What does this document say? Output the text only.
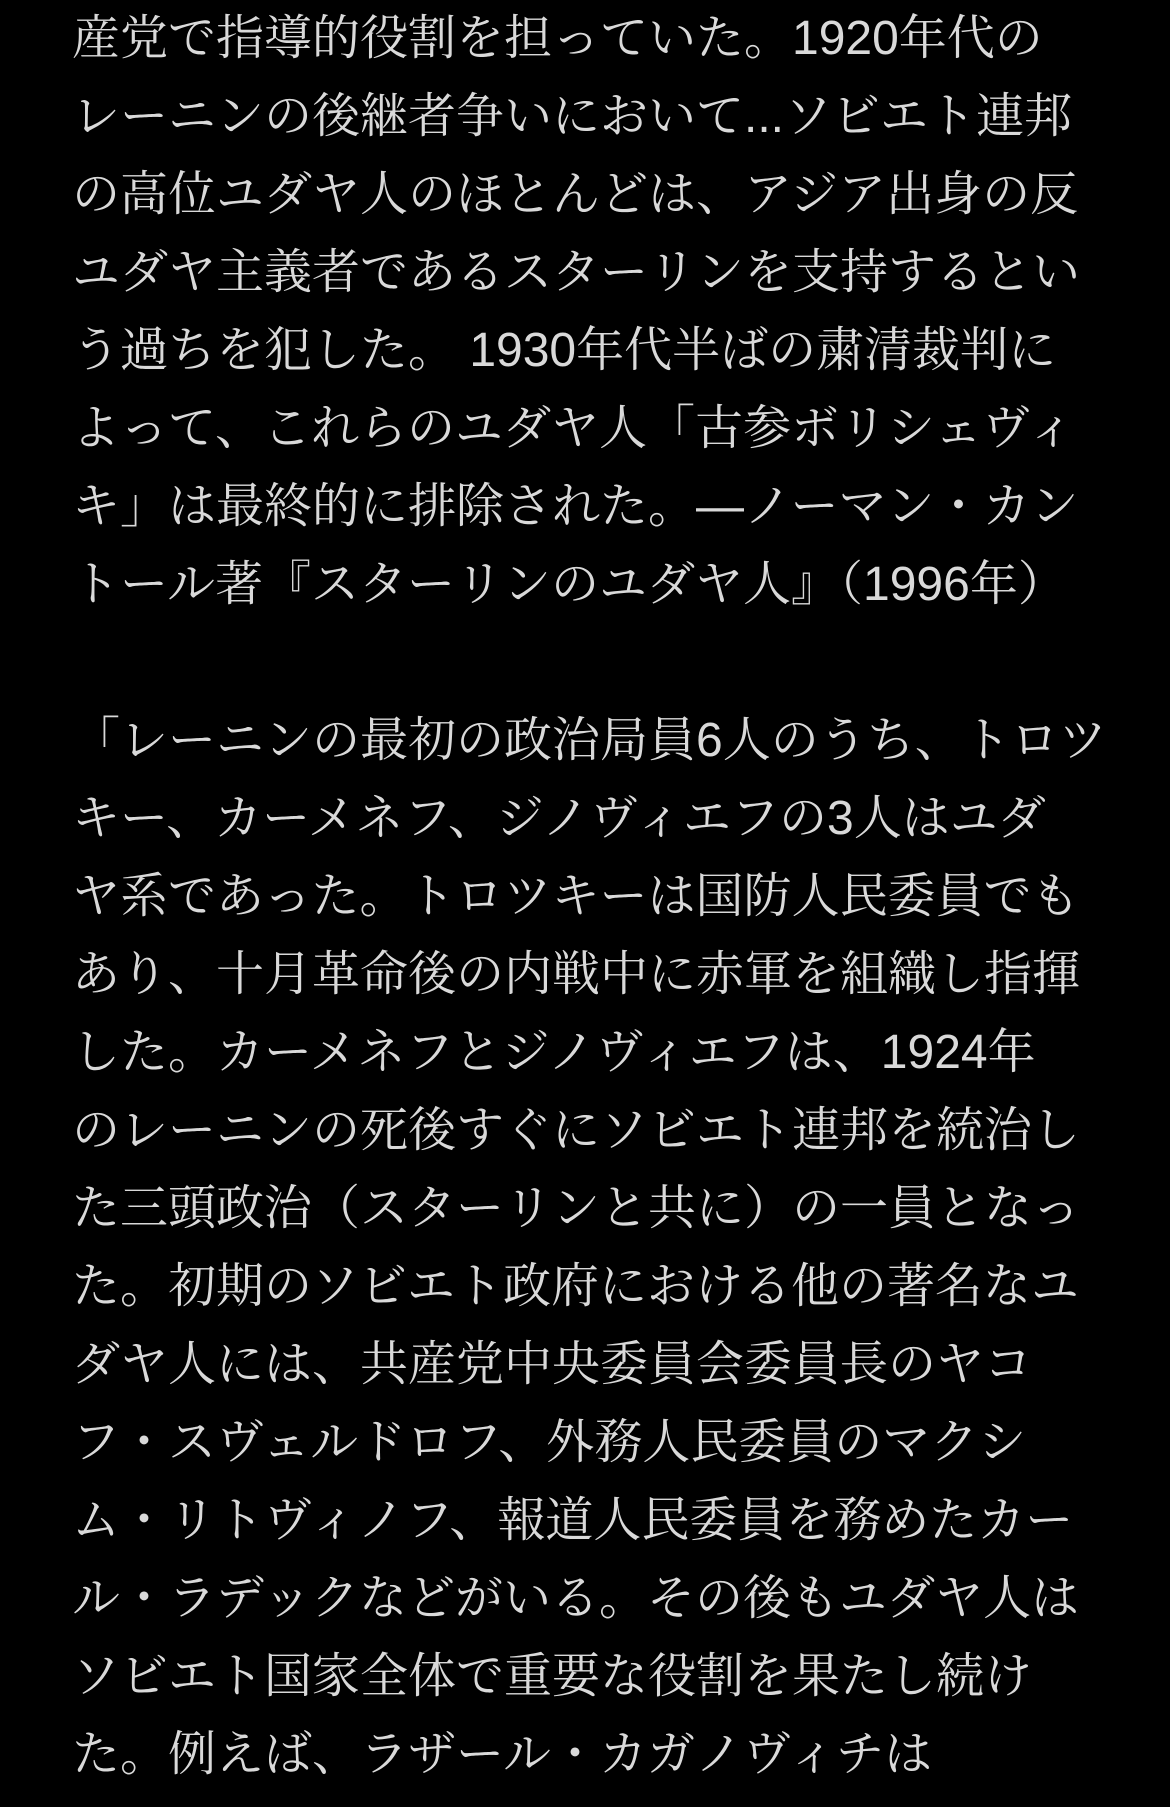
産党で指導的役割を担っていた。1920年代の
レーニンの後継者争いにおいて...ソビエト連邦
の高位ユダヤ人のほとんどは、アジア出身の反
ユダヤ主義者であるスターリンを支持するとい
う過ちを犯した。 1930年代半ばの粛清裁判に
よって、これらのユダヤ人「古参ボリシェヴィ
キ」は最終的に排除された。—ノーマン・カン
トール著『スターリンのユダヤ人』（1996年）

「レーニンの最初の政治局員6人のうち、トロツ
キー、カーメネフ、ジノヴィエフの3人はユダ
ヤ系であった。トロツキーは国防人民委員でも
あり、十月革命後の内戦中に赤軍を組織し指揮
した。カーメネフとジノヴィエフは、1924年
のレーニンの死後すぐにソビエト連邦を統治し
た三頭政治（スターリンと共に）の一員となっ
た。初期のソビエト政府における他の著名なユ
ダヤ人には、共産党中央委員会委員長のヤコ
フ・スヴェルドロフ、外務人民委員のマクシ
ム・リトヴィノフ、報道人民委員を務めたカー
ル・ラデックなどがいる。その後もユダヤ人は
ソビエト国家全体で重要な役割を果たし続け
た。例えば、ラザール・カガノヴィチは
